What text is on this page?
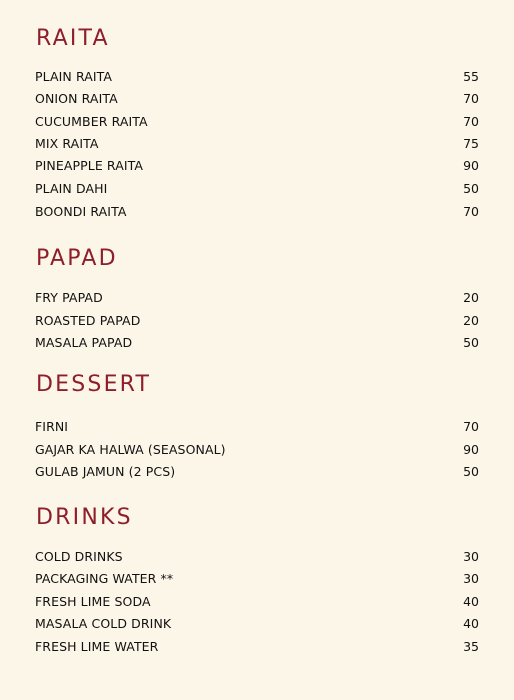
RAITA
PLAIN RAITA	55
ONION RAITA	70
CUCUMBER RAITA	70
MIX RAITA	75
PINEAPPLE RAITA	90
PLAIN DAHI	50
BOONDI RAITA	70
PAPAD
FRY PAPAD	20
ROASTED PAPAD	20
MASALA PAPAD	50
DESSERT
FIRNI	70
GAJAR KA HALWA (SEASONAL)	90
GULAB JAMUN (2 PCS)	50
DRINKS
COLD DRINKS	30
PACKAGING WATER **	30
FRESH LIME SODA	40
MASALA COLD DRINK	40
FRESH LIME WATER	35
